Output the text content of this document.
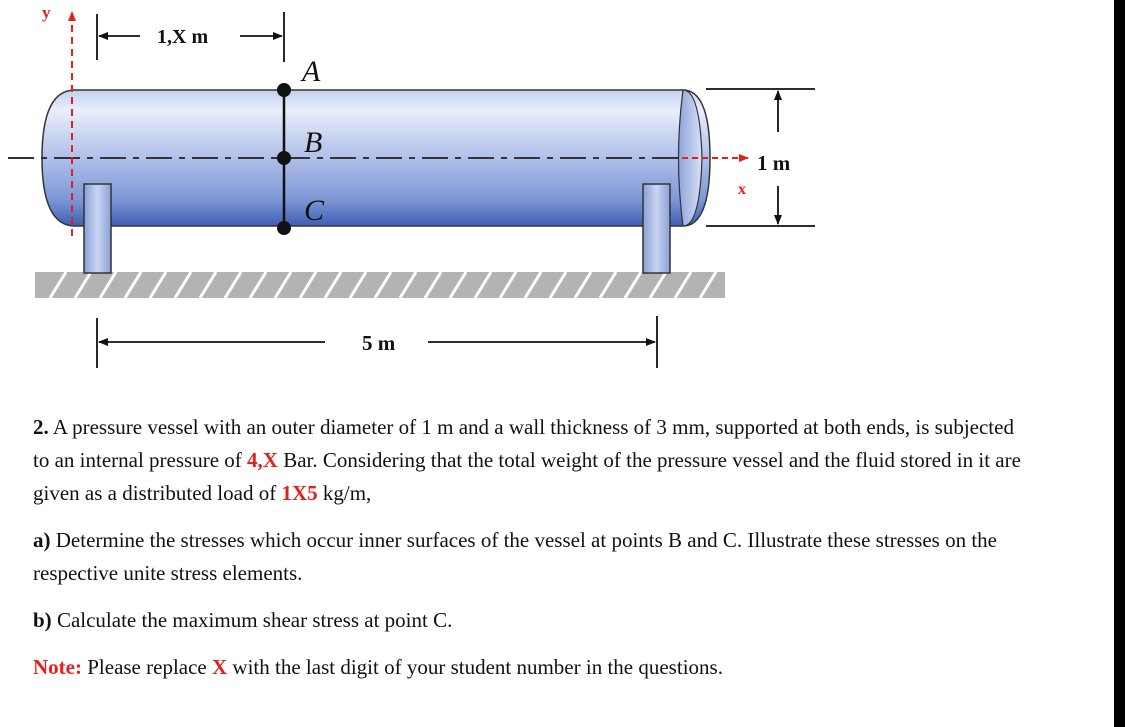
x
y
A
B
C
1,X m
5 m
1 m

2. A pressure vessel with an outer diameter of 1 m and a wall thickness of 3 mm, supported at both ends, is subjected to an internal pressure of 4,X Bar. Considering that the total weight of the pressure vessel and the fluid stored in it are given as a distributed load of 1X5 kg/m,

a) Determine the stresses which occur inner surfaces of the vessel at points B and C. Illustrate these stresses on the respective unite stress elements.

b) Calculate the maximum shear stress at point C.

Note: Please replace X with the last digit of your student number in the questions.
